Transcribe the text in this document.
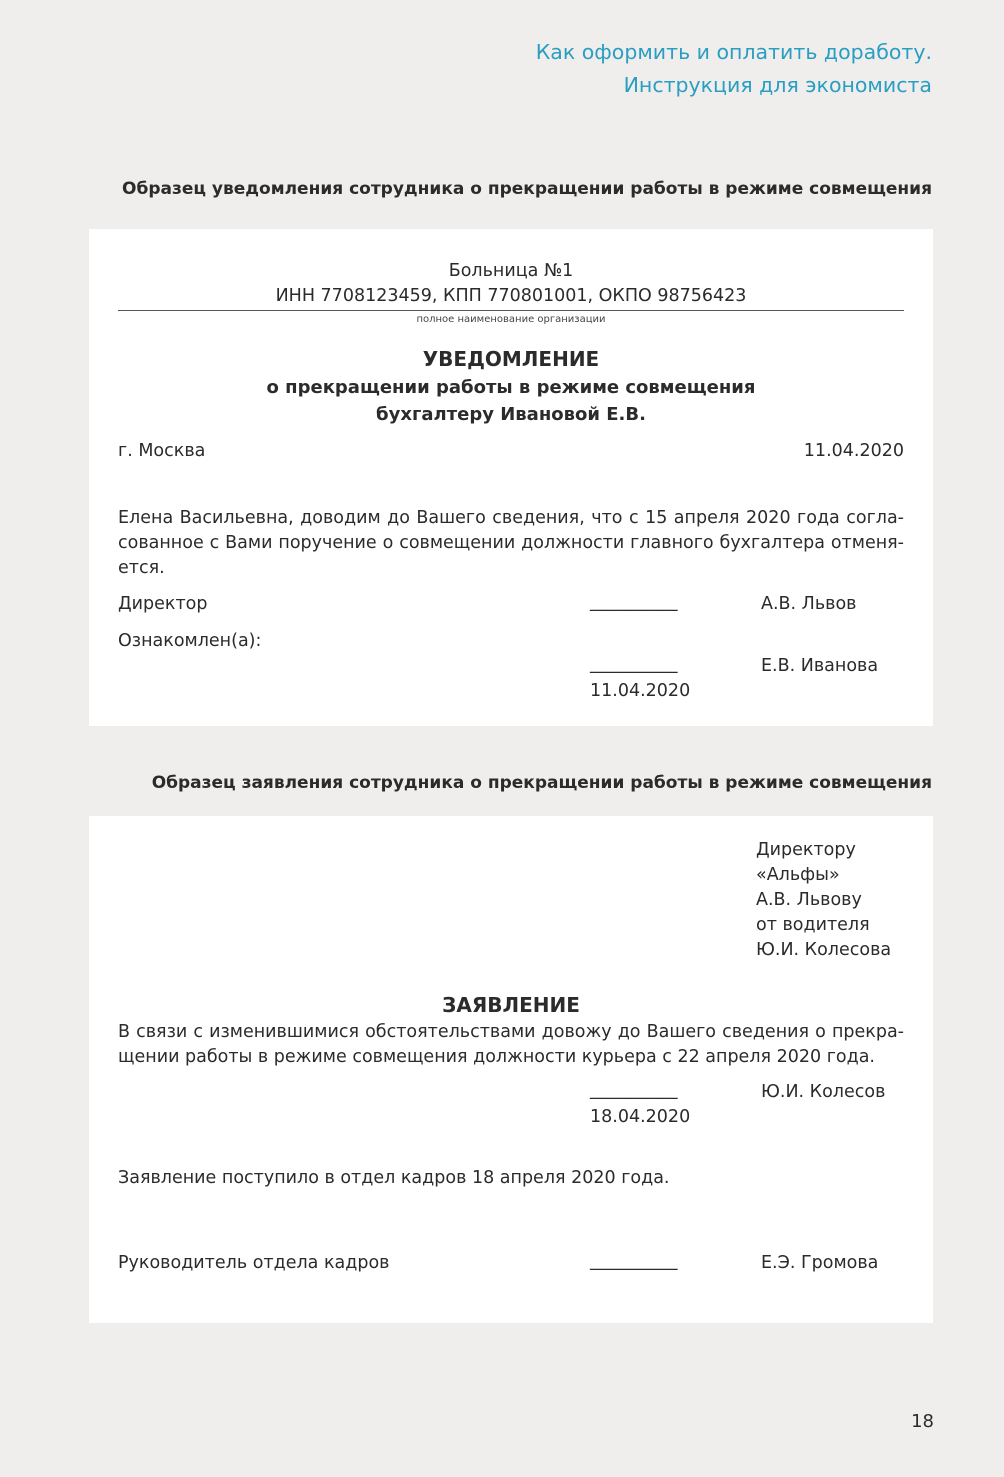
Как оформить и оплатить доработу.
Инструкция для экономиста
Образец уведомления сотрудника о прекращении работы в режиме совмещения
Больница №1
ИНН 7708123459, КПП 770801001, ОКПО 98756423
полное наименование организации
УВЕДОМЛЕНИЕ
о прекращении работы в режиме совмещения
бухгалтеру Ивановой Е.В.
г. Москва	11.04.2020
Елена Васильевна, доводим до Вашего сведения, что с 15 апреля 2020 года согла-сованное с Вами поручение о совмещении должности главного бухгалтера отменя-ется.
Директор	__________	А.В. Львов
Ознакомлен(а):
__________	Е.В. Иванова
11.04.2020
Образец заявления сотрудника о прекращении работы в режиме совмещения
Директору
«Альфы»
А.В. Львову
от водителя
Ю.И. Колесова
ЗАЯВЛЕНИЕ
В связи с изменившимися обстоятельствами довожу до Вашего сведения о прекра-щении работы в режиме совмещения должности курьера с 22 апреля 2020 года.
__________	Ю.И. Колесов
18.04.2020
Заявление поступило в отдел кадров 18 апреля 2020 года.
Руководитель отдела кадров	__________	Е.Э. Громова
18
